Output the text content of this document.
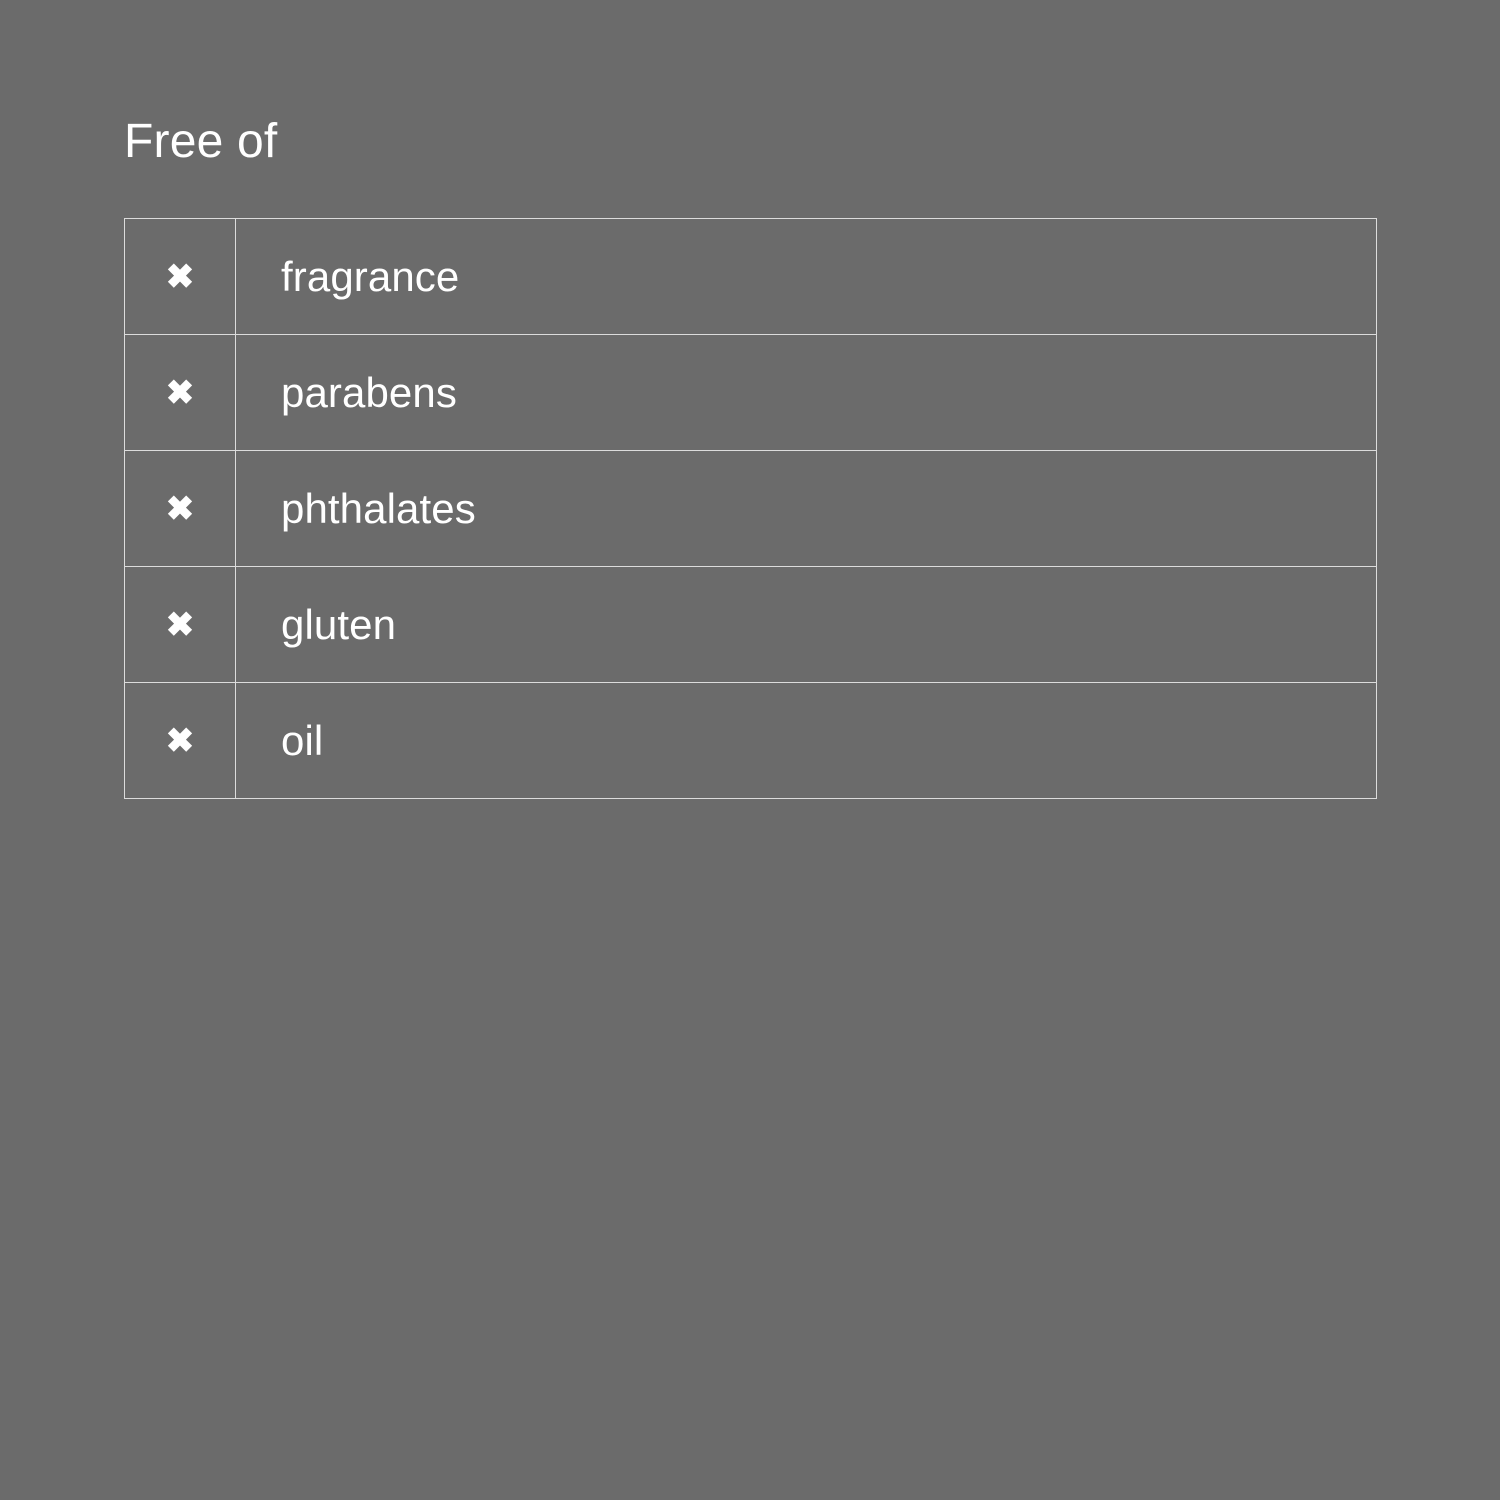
Free of
✖	fragrance
✖	parabens
✖	phthalates
✖	gluten
✖	oil
